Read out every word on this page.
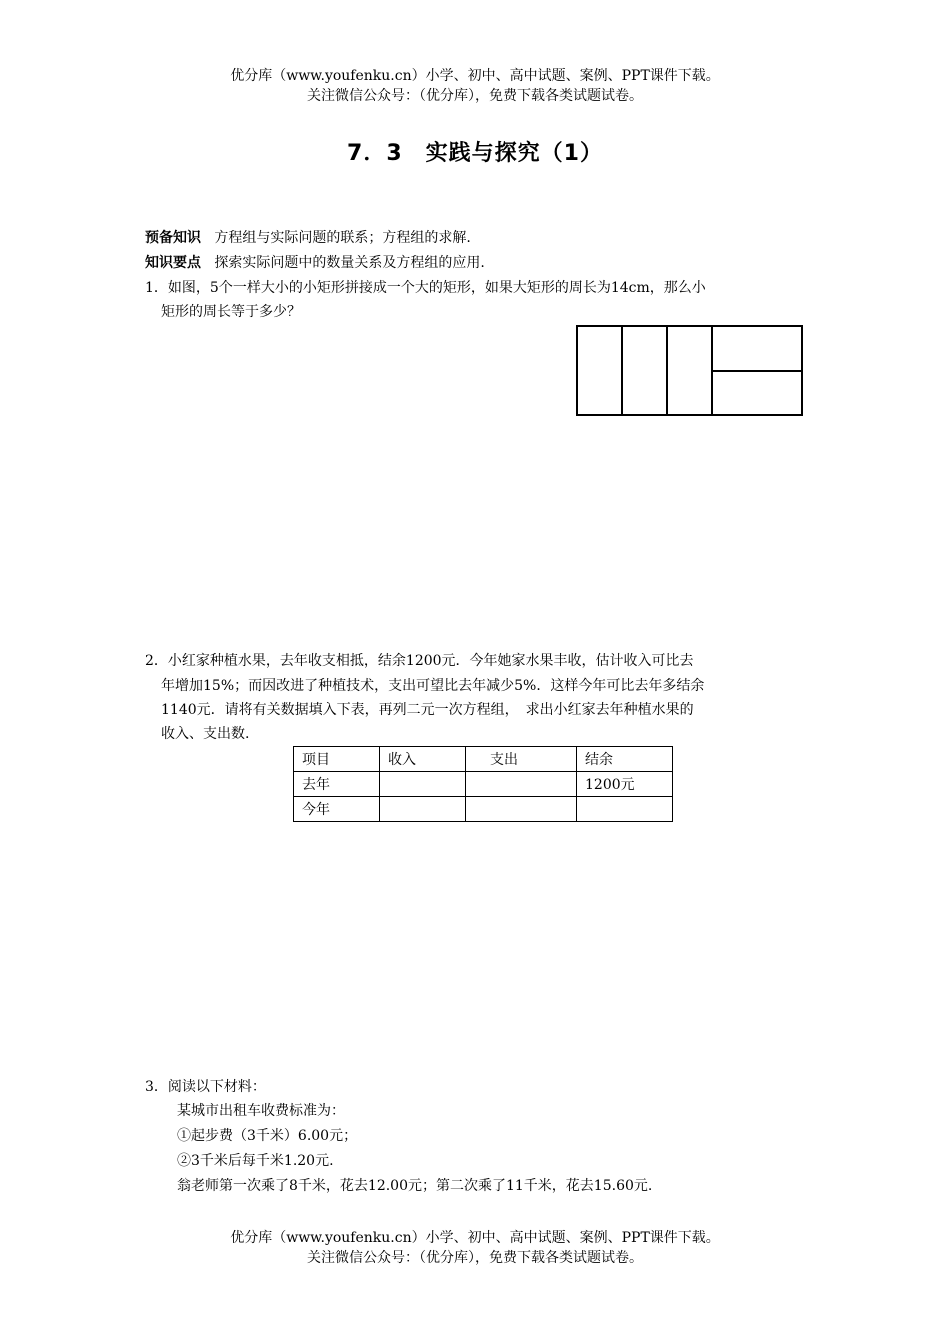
优分库（www.youfenku.cn）小学、初中、高中试题、案例、PPT课件下载。
关注微信公众号：（优分库），免费下载各类试题试卷。
7．3　实践与探究（1）
预备知识 方程组与实际问题的联系；方程组的求解.
知识要点 探索实际问题中的数量关系及方程组的应用.
1．如图，5个一样大小的小矩形拼接成一个大的矩形，如果大矩形的周长为14cm，那么小
矩形的周长等于多少？
2．小红家种植水果，去年收支相抵，结余1200元．今年她家水果丰收，估计收入可比去
年增加15%；而因改进了种植技术，支出可望比去年减少5%．这样今年可比去年多结余
1140元．请将有关数据填入下表，再列二元一次方程组，　求出小红家去年种植水果的
收入、支出数.
项目	收入	支出	结余
去年			1200元
今年			
3．阅读以下材料：
某城市出租车收费标准为：
①起步费（3千米）6.00元；
②3千米后每千米1.20元.
翁老师第一次乘了8千米，花去12.00元；第二次乘了11千米，花去15.60元.
优分库（www.youfenku.cn）小学、初中、高中试题、案例、PPT课件下载。
关注微信公众号：（优分库），免费下载各类试题试卷。
